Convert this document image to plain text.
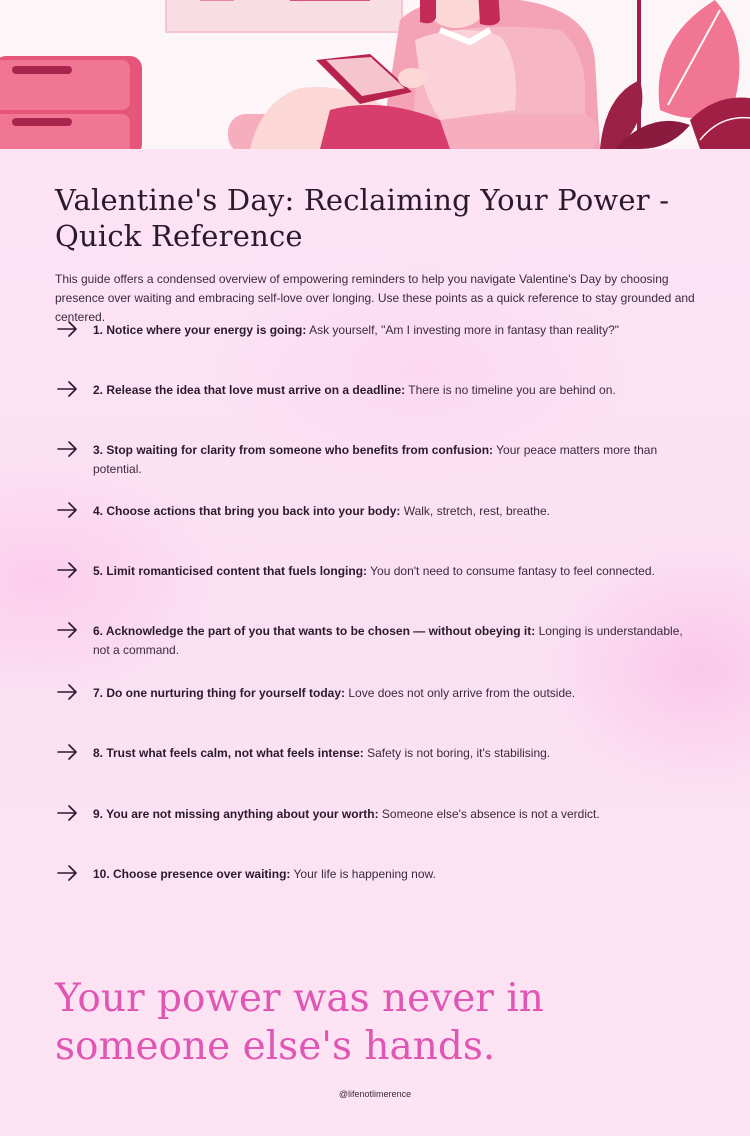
Valentine's Day: Reclaiming Your Power - Quick Reference

This guide offers a condensed overview of empowering reminders to help you navigate Valentine's Day by choosing presence over waiting and embracing self-love over longing. Use these points as a quick reference to stay grounded and centered.

1. Notice where your energy is going: Ask yourself, "Am I investing more in fantasy than reality?"
2. Release the idea that love must arrive on a deadline: There is no timeline you are behind on.
3. Stop waiting for clarity from someone who benefits from confusion: Your peace matters more than potential.
4. Choose actions that bring you back into your body: Walk, stretch, rest, breathe.
5. Limit romanticised content that fuels longing: You don't need to consume fantasy to feel connected.
6. Acknowledge the part of you that wants to be chosen — without obeying it: Longing is understandable, not a command.
7. Do one nurturing thing for yourself today: Love does not only arrive from the outside.
8. Trust what feels calm, not what feels intense: Safety is not boring, it's stabilising.
9. You are not missing anything about your worth: Someone else's absence is not a verdict.
10. Choose presence over waiting: Your life is happening now.
Your power was never in someone else's hands.
@lifenotlimerence
